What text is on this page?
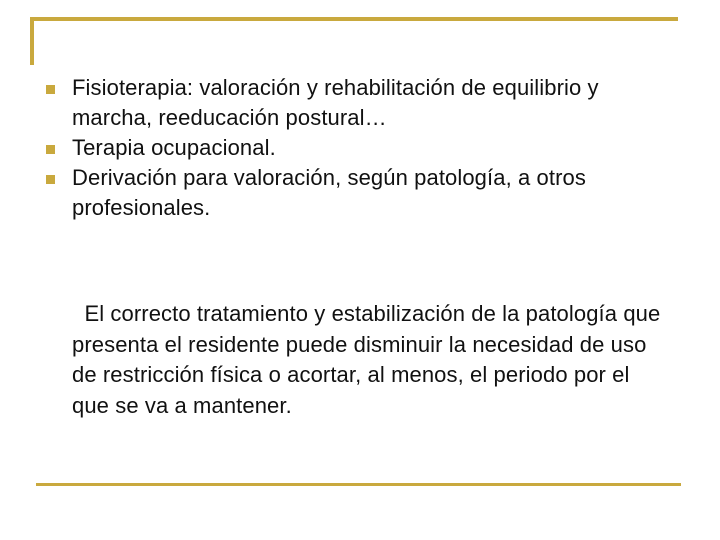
Fisioterapia: valoración y rehabilitación de equilibrio y marcha, reeducación postural…
Terapia ocupacional.
Derivación para valoración, según patología, a otros profesionales.

El correcto tratamiento y estabilización de la patología que presenta el residente puede disminuir la necesidad de uso de restricción física o acortar, al menos, el periodo por el que se va a mantener.
